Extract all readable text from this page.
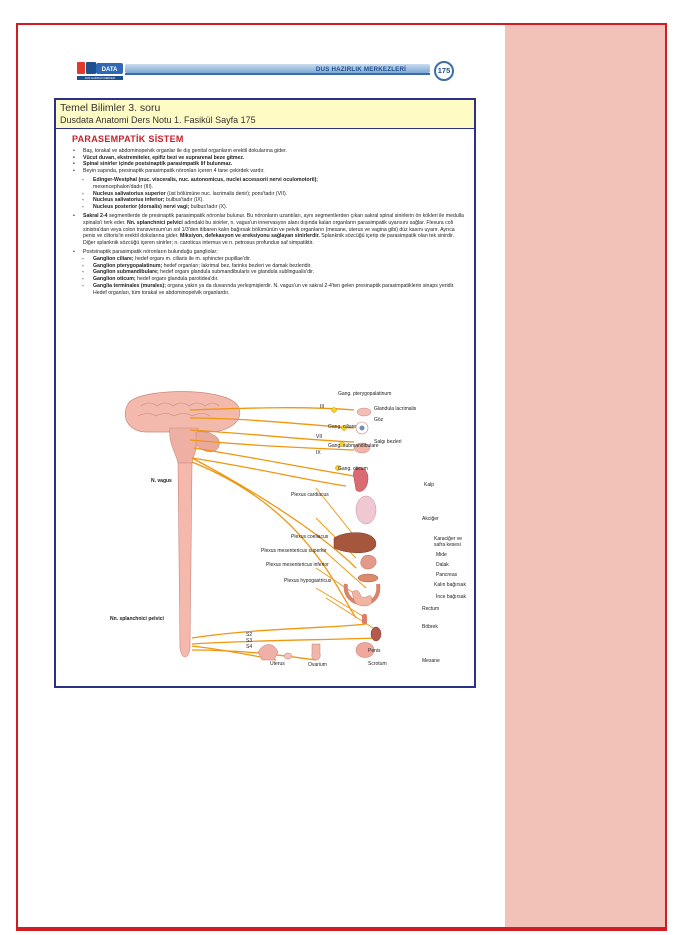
DATA
DUS HAZIRLIK MERKEZİ
DUS HAZIRLIK MERKEZLERİ	175
Temel Bilimler 3. soru
Dusdata Anatomi Ders Notu 1. Fasikül Sayfa 175
PARASEMPATİK SİSTEM

• Baş, torakal ve abdominopelvik organlar ile dış genital organların erektil dokularına gider.

• Vücut duvarı, ekstremiteler, epifiz bezi ve suprarenal beze gitmez.

• Spinal sinirler içinde postsinaptik parasimpatik lif bulunmaz.

• Beyin sapında, presinaptik parasimpatik nöronları içeren 4 tane çekirdek vardır.

- Edinger-Westphal (nuc. visceralis, nuc. autonomicus, nuclei accessorii nervi oculomotorii);
mesencephalon'dadır (III).

- Nucleus salivatorius superior (üst bölümüne nuc. lacrimalis denir); pons'tadır (VII).

- Nucleus salivatorius inferior; bulbus'tadır (IX).

- Nucleus posterior (dorsalis) nervi vagi; bulbus'tadır (X).

• Sakral 2-4 segmentlerde de presinaptik parasimpatik nöronlar bulunur. Bu nöronların uzantıları, aynı segmentlerden çıkan sakral spinal sinirlerin ön kökleri ile medulla spinalis'i terk eder. Nn. splanchnici pelvici adındaki bu sinirler, n. vagus'un innervasyon alanı dışında kalan organların parasimpatik uyarısını sağlar. Flexura coli sinistra'dan veya colon transversum'un sol 1/3'den itibaren kalın bağırsak bölümünün ve pelvik organların (mesane, uterus ve vagina gibi) düz kasını uyarır. Ayrıca penis ve clitoris'in erektil dokularına gider. Miksiyon, defekasyon ve ereksiyonu sağlayan sinirlerdir. Splanknik sözcüğü içerip de parasimpatik olan tek sinirdir. Diğer splanknik sözcüğü içeren sinirler; n. caroticus internus ve n. petrosus profundus saf simpatiktir.

• Postsinaptik parasimpatik nöronların bulunduğu gangliolar;

- Ganglion ciliare; hedef organı m. ciliaris ile m. sphincter pupillae'dir.

- Ganglion pterygopalatinum; hedef organları; lakrimal bez, farinks bezleri ve damak bezleridir.

- Ganglion submandibulare; hedef organı glandula submandibularis ve glandula sublingualis'dir.

- Ganglion oticum; hedef organı glandula parotidea'dır.

- Ganglia terminales (murales); organa yakın ya da duvarında yerleşmişlerdir. N. vagus'un ve sakral 2-4'ten gelen presinaptik parasimpatiklerin sinaps yeridir. Hedef organları, tüm torakal ve abdominopelvik organlardır.

Gang. pterygopalatinum
III	Glandula lacrimalis
Göz
Gang. ciliare
VII
Gang. submandibulare
Salgı bezleri
IX
Gang. oticum
N. vagus
Kalp
Plexus cardiacus
Akciğer
Plexus coeliacus	Karaciğer ve
safra kesesi
Plexus mesentericus superior
Mide
Plexus mesentericus inferior	Dalak
Pancreas
Plexus hypogastricus
Kalın bağırsak
İnce bağırsak
Rectum
Nn. splanchnici pelvici
S2
S3
S4
Böbrek
Penis
Uterus	Ovarium	Scrotum	Mesane
